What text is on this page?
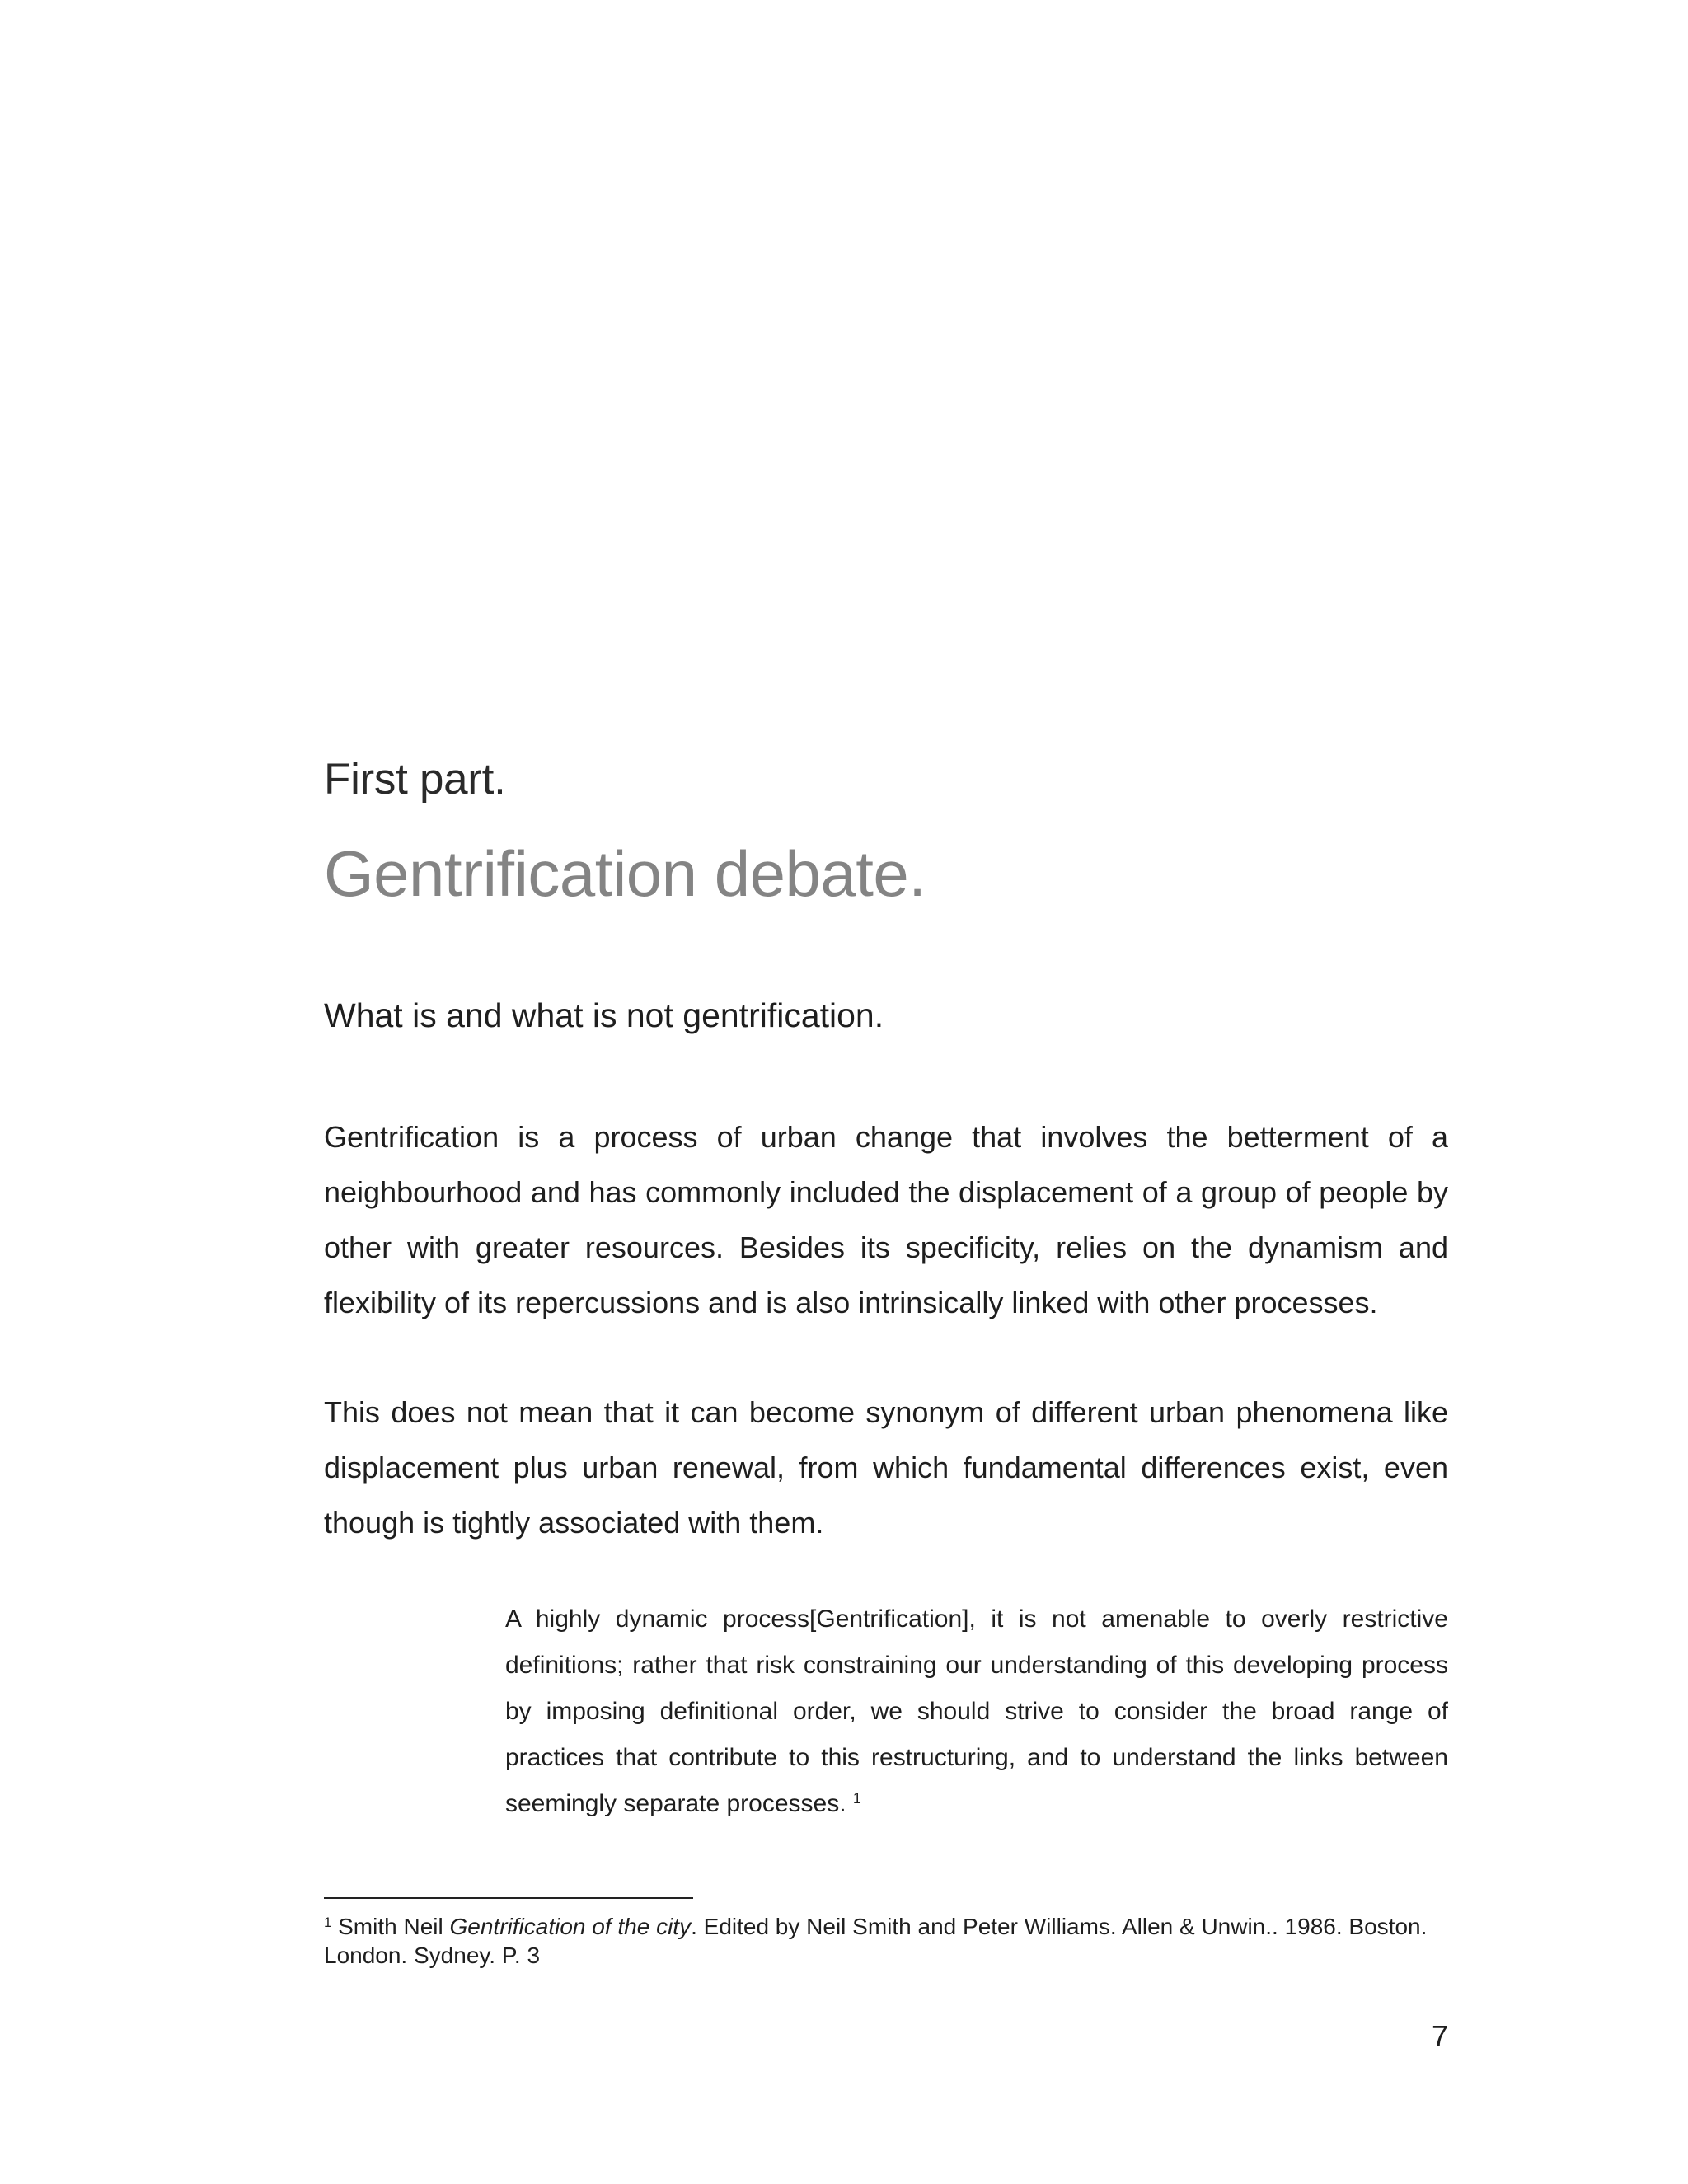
First part.
Gentrification debate.
What is and what is not gentrification.

Gentrification is a process of urban change that involves the betterment of a neighbourhood and has commonly included the displacement of a group of people by other with greater resources. Besides its specificity, relies on the dynamism and flexibility of its repercussions and is also intrinsically linked with other processes.

This does not mean that it can become synonym of different urban phenomena like displacement plus urban renewal, from which fundamental differences exist, even though is tightly associated with them.

A highly dynamic process[Gentrification], it is not amenable to overly restrictive definitions; rather that risk constraining our understanding of this developing process by imposing definitional order, we should strive to consider the broad range of practices that contribute to this restructuring, and to understand the links between seemingly separate processes. $^1$

$^1$ Smith Neil Gentrification of the city. Edited by Neil Smith and Peter Williams. Allen & Unwin.. 1986. Boston. London. Sydney. P. 3

7
